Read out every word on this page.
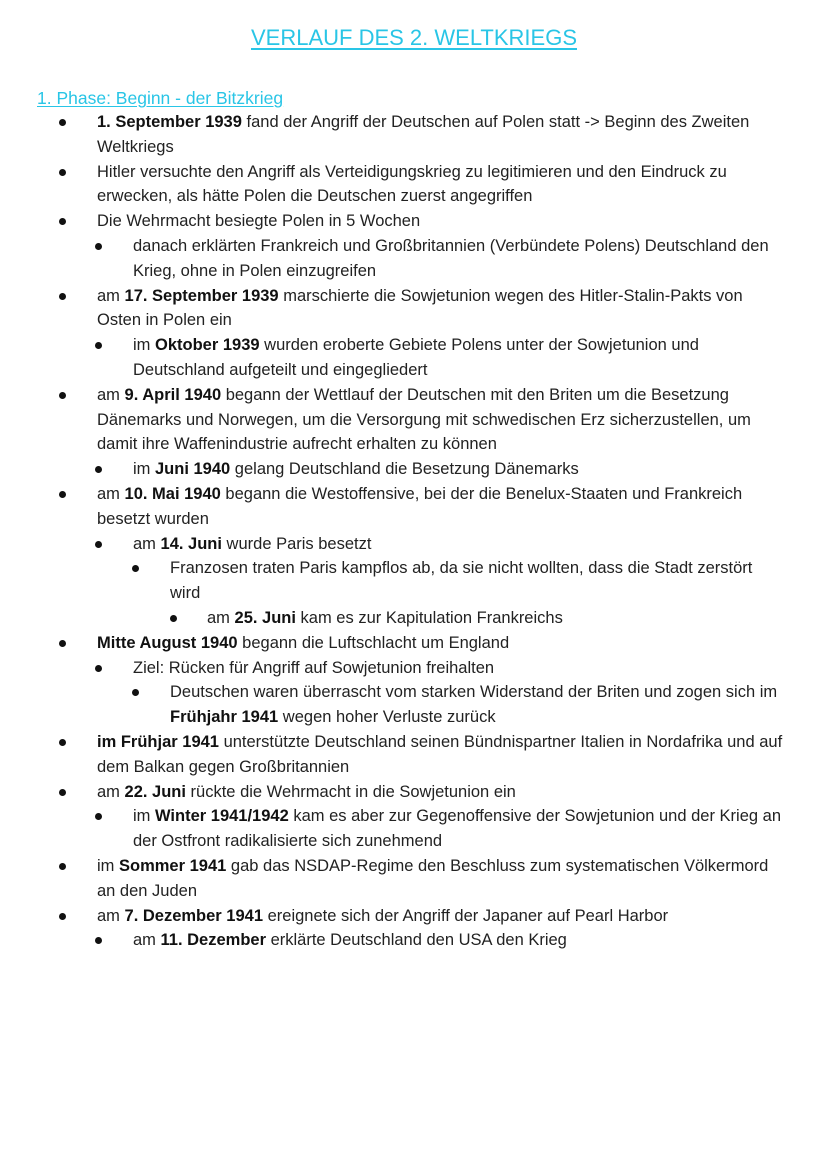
VERLAUF DES 2. WELTKRIEGS
1. Phase: Beginn - der Bitzkrieg
1. September 1939 fand der Angriff der Deutschen auf Polen statt -> Beginn des Zweiten Weltkriegs
Hitler versuchte den Angriff als Verteidigungskrieg zu legitimieren und den Eindruck zu erwecken, als hätte Polen die Deutschen zuerst angegriffen
Die Wehrmacht besiegte Polen in 5 Wochen
danach erklärten Frankreich und Großbritannien (Verbündete Polens) Deutschland den Krieg, ohne in Polen einzugreifen
am 17. September 1939 marschierte die Sowjetunion wegen des Hitler-Stalin-Pakts von Osten in Polen ein
im Oktober 1939 wurden eroberte Gebiete Polens unter der Sowjetunion und Deutschland aufgeteilt und eingegliedert
am 9. April 1940 begann der Wettlauf der Deutschen mit den Briten um die Besetzung Dänemarks und Norwegen, um die Versorgung mit schwedischen Erz sicherzustellen, um damit ihre Waffenindustrie aufrecht erhalten zu können
im Juni 1940 gelang Deutschland die Besetzung Dänemarks
am 10. Mai 1940 begann die Westoffensive, bei der die Benelux-Staaten und Frankreich besetzt wurden
am 14. Juni wurde Paris besetzt
Franzosen traten Paris kampflos ab, da sie nicht wollten, dass die Stadt zerstört wird
am 25. Juni kam es zur Kapitulation Frankreichs
Mitte August 1940 begann die Luftschlacht um England
Ziel: Rücken für Angriff auf Sowjetunion freihalten
Deutschen waren überrascht vom starken Widerstand der Briten und zogen sich im Frühjahr 1941 wegen hoher Verluste zurück
im Frühjar 1941 unterstützte Deutschland seinen Bündnispartner Italien in Nordafrika und auf dem Balkan gegen Großbritannien
am 22. Juni rückte die Wehrmacht in die Sowjetunion ein
im Winter 1941/1942 kam es aber zur Gegenoffensive der Sowjetunion und der Krieg an der Ostfront radikalisierte sich zunehmend
im Sommer 1941 gab das NSDAP-Regime den Beschluss zum systematischen Völkermord an den Juden
am 7. Dezember 1941 ereignete sich der Angriff der Japaner auf Pearl Harbor
am 11. Dezember erklärte Deutschland den USA den Krieg
